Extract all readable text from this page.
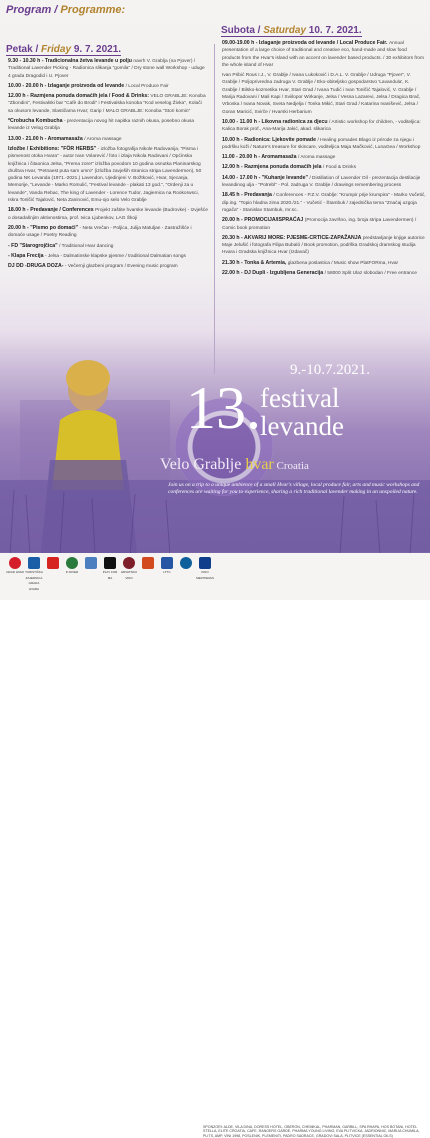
Program / Programme:
Petak / Friday 9. 7. 2021.
9.30 - 10.30 h - Tradicionalna žetva levande u polju navrh V. Grablja (na Pjover) / Traditional Lavender Picking - Radionica slikanja "gomila" / Dry stone wall Workshop - uduge 4 grada Dragodid i U. Pjover
10.00 - 20.00 h - Izlaganje proizvoda od levande / Local Produce Fair
12.00 h - Razmjena ponuda domaćih jela / Food & Drinks: VELO GRABLJE: Konoba "Zbondini", Festivalski bar "Cafè do Brodi" i Festivalska konoba "Kod veselog Živka", Kolači sa okusom levande, Slastičarna Hvar; Garip / MALO GRABLJE: Konoba "Stori komin"
*Crobucha Kombucha - prezentacija novog hit napitka raznih okusa, posebno okusa levande iz Velog Grablja
13.00 - 21.00 h - Aromamasaža / Aroma massage
Izložbe / Exhibitions: "FÖR HERBS" - izložba fotografija Nikole Radovanija, "Pisma i pismenost otoka Hvara" - autor Ivan Volarević / foto i izlaja Nikola Radovani / Općinska knjižnica i čitaonica Jelsa, "Prema zore!" izložba povodom 10 godina osnutka Planinarskog društva Hvar, "Petnaest puta sam umro" (izložba zavješih stranica stripa Lavendermen), 50 godina NK Levanda (1971.-2021.) Lavendon, Ujedinjeni V. Božtković, Hvar, Sjecanja, Memorije, "Levande - Marko Romulić, "Festival levande - plakati 13 god.", "Ordenji za u levande", Vanda Rebac, The king of Lavender - Lorence Tudor, Jagiemica na Rookorwsci, Iskra Tonlčić Tajalović, Neta Zaninović, Emu-ojo selo Velo Grablje
18.00 h - Predavanje / Conferences Projekt zaštite hvarske levande (Budrovke) - Izvješće o dosadašnjim aktivnostima, prof. Ivica Ljubenkov, LAG Škoji
20.00 h - "Pismo po domaći" - Neta Vrečan - Poljica, Julija Matuljan - Zastražišće i domaće usage / Poetry Reading
- FD "Starogrojčica" / Traditional Hvar dancing
- Klapa Frecija - Jelsa - Dalmatinske klapske pjesme / traditional Dalmatian songs
DJ DD -DRUGA DOZA- - Večernji glazbeni program / Evening music program
Subota / Saturday 10. 7. 2021.
09.00-19.00 h - Izlaganje proizvoda od levande / Local Produce Fair. Annual presentation of a large choice of traditional and creative eco, hand-made and slow food products from the Hvar's island with an accent on lavender based products. / 30 exhibitors from the whole island of Hvar
Ivan Pribić Rous I.J., V. Grablje / Ivana Lukoković i D.A.L. V. Grablje / Udruga "Pjover", V. Grablje / Poljoprivredna zadruga V. Grablje / Eko-obiteljsko gospodarstvo 'Lavandula', K. Grablje / Bilsko-kozmetika Hvar, Stari Grad / Ivana Tudić i Ivan Tonlčić Tajalović, V. Grablje / Marija Radovani / Mali Kapi / Sviilopor Wirkanje, Jelsa / Vesna Lazarevi, Jelsa / Dragica Brač, Vrboska / Ivana Novak, Sveta Nedjelja / Tonka Mikić, Stari Grad / Katarina Ivanišević, Jelsa / Goran Maricić, Svirče / Hvarski Herbarium
10.00 - 11.00 h - Likovna radionica za djecu / Artistic workshop for children, - voditeljica: Kalica Borak prof., Ana-Marija Jakić, akad. slikarica
10.00 h - Radionica: Ljekovite pomade / Healing pomades Blago iz prirode za njegu i podršku koži / Nature's treasure for skincare, voditeljica Maja Mačković, LunaGea / Workshop
11.00 - 20.00 h - Aromamasaža / Aroma massage
12.00 h - Razmjena ponuda domaćih jela / Food & Drinks
14.00 - 17.00 h - "Kuhanje levande" / Distillation of Lavender Oil - prezentacija destilacije levandinog ulja - "Potrebl" - Pol. zadruga V. Grablje / drawings remembering process
18.45 h - Predavanja / Conferences - P.Z.V. Grablje: "Krumpir prije krumpira" - Marko Vučetić, dip.ing. "Topio hladna zima 2020./21." - Vučetić - Štambuk / zajednička tema "Znaćaj uzgoja rogača" - Stanislav Stambuk, mr.sc.
20.00 h - PROMOCIJA/ISPRAĆAJ (Promocija završno, ing. broja stripa Lavendermen) / Comic book promotion
20.30 h - AKVARIJ MORE: PJESME-CRTICE-ZAPAŽANJA predstavljanje knjige autorice Maje Jelušić i fotografa Filipa Bubaló / Book promotion, podrška Gradskoj dramskog studija Hvara i Gradska knjižnica Hvar (Izdavač)
21.30 h - Tonka & Artemia, glazbena poslastica / Music show PlatFORma, Hvar
22.00 h - DJ Dupli - Izgubljena Generacija / 58000 Split Ulaz slobodan / Free entrance
9.-10.7.2021.
13. festival
levande
Velo Grablje hvar Croatia
Join us on a trip to a unique ambience of a small Hvar's village, local produce fair, arts and music workshops and conferences are waiting for you to experience, sharing a rich traditional lavender making in an unspoiled nature.
GRAD HVAR TURISTIČKA ZAJEDNICA GRADA HVARA
P.JOVER	PLAY FOR MA
HRVATSKO VINO
LTTC	KINO MEDITERAN
SPONZORI: ALDE, VILA DINA, DORESS HOTEL, OBERON, CHEMIKAL, PHARMAN, GARBILL, SPA RHAPA, HOS BOTANI, HOTEL STELLA, ELITE CROATIA, CAFE, RANGERS GARDE, PHARMA YOUNG LIVING, EVA PLITVICKA, JADRIONNIC, MARIJA CHUMILA, PLITS, AMP, VINI 1998, POSLENIK, PLEMENITI, PADRO SADRACE, GRADOVI SALA, PLITVICE (ESSENTIAL OILS)
